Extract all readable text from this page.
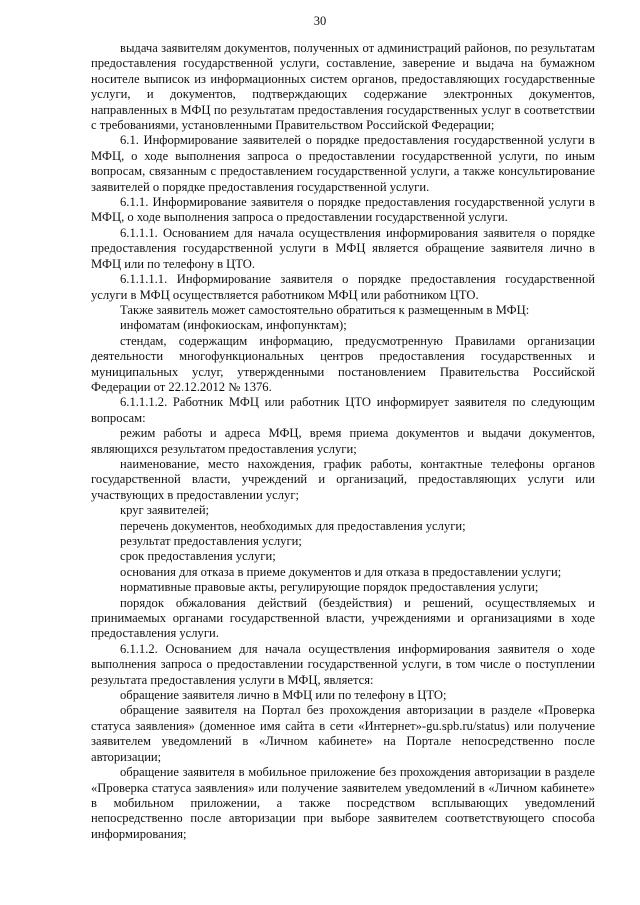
30

выдача заявителям документов, полученных от администраций районов, по результатам предоставления государственной услуги, составление, заверение и выдача на бумажном носителе выписок из информационных систем органов, предоставляющих государственные услуги, и документов, подтверждающих содержание электронных документов, направленных в МФЦ по результатам предоставления государственных услуг в соответствии с требованиями, установленными Правительством Российской Федерации;

6.1. Информирование заявителей о порядке предоставления государственной услуги в МФЦ, о ходе выполнения запроса о предоставлении государственной услуги, по иным вопросам, связанным с предоставлением государственной услуги, а также консультирование заявителей о порядке предоставления государственной услуги.

6.1.1. Информирование заявителя о порядке предоставления государственной услуги в МФЦ, о ходе выполнения запроса о предоставлении государственной услуги.

6.1.1.1. Основанием для начала осуществления информирования заявителя о порядке предоставления государственной услуги в МФЦ является обращение заявителя лично в МФЦ или по телефону в ЦТО.

6.1.1.1.1. Информирование заявителя о порядке предоставления государственной услуги в МФЦ осуществляется работником МФЦ или работником ЦТО.

Также заявитель может самостоятельно обратиться к размещенным в МФЦ:

инфоматам (инфокиоскам, инфопунктам);

стендам, содержащим информацию, предусмотренную Правилами организации деятельности многофункциональных центров предоставления государственных и муниципальных услуг, утвержденными постановлением Правительства Российской Федерации от 22.12.2012 № 1376.

6.1.1.1.2. Работник МФЦ или работник ЦТО информирует заявителя по следующим вопросам:

режим работы и адреса МФЦ, время приема документов и выдачи документов, являющихся результатом предоставления услуги;

наименование, место нахождения, график работы, контактные телефоны органов государственной власти, учреждений и организаций, предоставляющих услуги или участвующих в предоставлении услуг;

круг заявителей;

перечень документов, необходимых для предоставления услуги;

результат предоставления услуги;

срок предоставления услуги;

основания для отказа в приеме документов и для отказа в предоставлении услуги;

нормативные правовые акты, регулирующие порядок предоставления услуги;

порядок обжалования действий (бездействия) и решений, осуществляемых и принимаемых органами государственной власти, учреждениями и организациями в ходе предоставления услуги.

6.1.1.2. Основанием для начала осуществления информирования заявителя о ходе выполнения запроса о предоставлении государственной услуги, в том числе о поступлении результата предоставления услуги в МФЦ, является:

обращение заявителя лично в МФЦ или по телефону в ЦТО;

обращение заявителя на Портал без прохождения авторизации в разделе «Проверка статуса заявления» (доменное имя сайта в сети «Интернет»-gu.spb.ru/status) или получение заявителем уведомлений в «Личном кабинете» на Портале непосредственно после авторизации;

обращение заявителя в мобильное приложение без прохождения авторизации в разделе «Проверка статуса заявления» или получение заявителем уведомлений в «Личном кабинете» в мобильном приложении, а также посредством всплывающих уведомлений непосредственно после авторизации при выборе заявителем соответствующего способа информирования;
